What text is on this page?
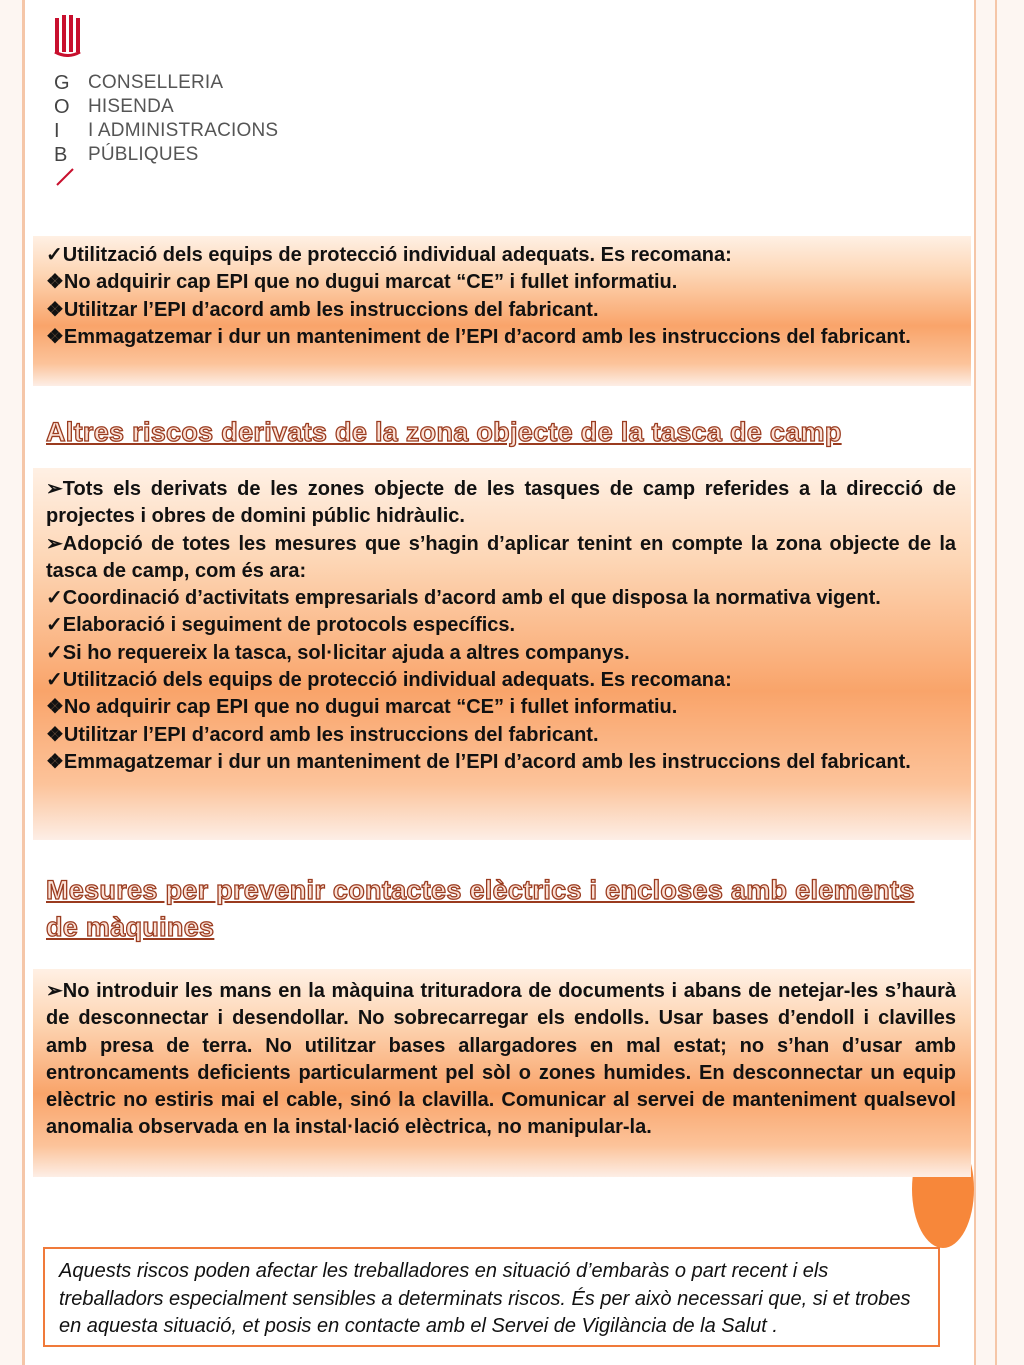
G
O
I
B
CONSELLERIA
HISENDA
I ADMINISTRACIONS
PÚBLIQUES

✓Utilització dels equips de protecció individual adequats. Es recomana:

❖No adquirir cap EPI que no dugui marcat “CE” i fullet informatiu.

❖Utilitzar l’EPI d’acord amb les instruccions del fabricant.

❖Emmagatzemar i dur un manteniment de l’EPI d’acord amb les instruccions del fabricant.

Altres riscos derivats de la zona objecte de la tasca de camp

➢Tots els derivats de les zones objecte de les tasques de camp referides a la direcció de projectes i obres de domini públic hidràulic.

➢Adopció de totes les mesures que s’hagin d’aplicar tenint en compte la zona objecte de la tasca de camp, com és ara:

✓Coordinació d’activitats empresarials d’acord amb el que disposa la normativa vigent.

✓Elaboració i seguiment de protocols específics.

✓Si ho requereix la tasca, sol·licitar ajuda a altres companys.

✓Utilització dels equips de protecció individual adequats. Es recomana:

❖No adquirir cap EPI que no dugui marcat “CE” i fullet informatiu.

❖Utilitzar l’EPI d’acord amb les instruccions del fabricant.

❖Emmagatzemar i dur un manteniment de l’EPI d’acord amb les instruccions del fabricant.

Mesures per prevenir contactes elèctrics i encloses amb elements de màquines

➢No introduir les mans en la màquina trituradora de documents i abans de netejar-les s’haurà de desconnectar i desendollar. No sobrecarregar els endolls. Usar bases d’endoll i clavilles amb presa de terra. No utilitzar bases allargadores en mal estat; no s’han d’usar amb entroncaments deficients particularment pel sòl o zones humides. En desconnectar un equip elèctric no estiris mai el cable, sinó la clavilla. Comunicar al servei de manteniment qualsevol anomalia observada en la instal·lació elèctrica, no manipular-la.

Aquests riscos poden afectar les treballadores en situació d’embaràs o part recent i els treballadors especialment sensibles a determinats riscos. És per això necessari que, si et trobes en aquesta situació, et posis en contacte amb el Servei de Vigilància de la Salut .
